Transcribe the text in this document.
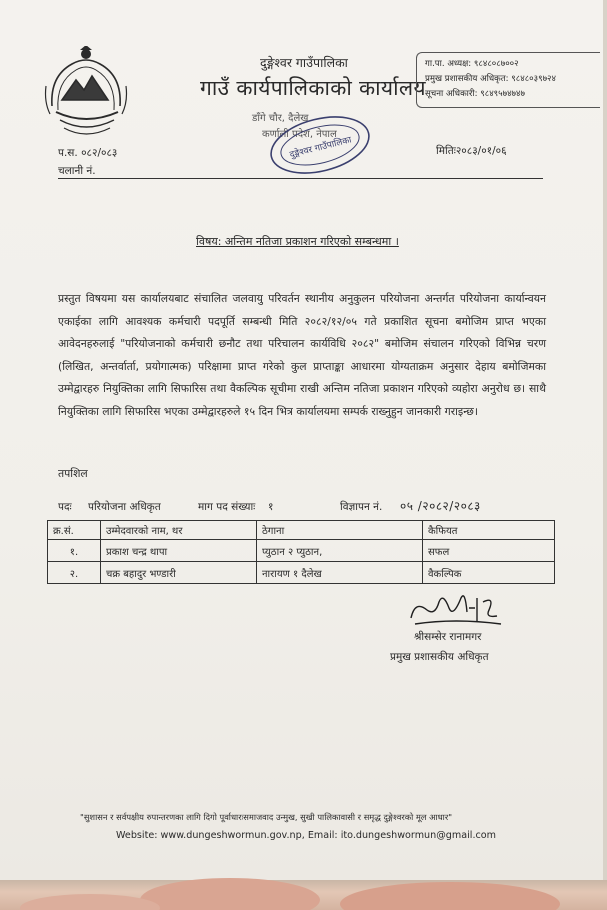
दुङ्गेश्वर गाउँपालिका
गाउँ कार्यपालिकाको कार्यालय
डाँगे चौर, दैलेख
कर्णाली प्रदेश, नेपाल
गा.पा. अध्यक्ष: ९८४८०८७००२
प्रमुख प्रशासकीय अधिकृत: ९८४८०३९७२४
सूचना अधिकारी: ९८४९५७४७४७
दुङ्गेश्वर गाउँपालिका
प.स. ०८२/०८३
चलानी नं.
मितिः२०८३/०१/०६
विषय: अन्तिम नतिजा प्रकाशन गरिएको सम्बन्धमा ।
प्रस्तुत विषयमा यस कार्यालयबाट संचालित जलवायु परिवर्तन स्थानीय अनुकुलन परियोजना अन्तर्गत परियोजना कार्यान्वयन एकाईका लागि आवश्यक कर्मचारी पदपूर्ति सम्बन्धी मिति २०८२/१२/०५ गते प्रकाशित सूचना बमोजिम प्राप्त भएका आवेदनहरुलाई "परियोजनाको कर्मचारी छनौट तथा परिचालन कार्यविधि २०८२" बमोजिम संचालन गरिएको विभिन्न चरण (लिखित, अन्तर्वार्ता, प्रयोगात्मक) परिक्षामा प्राप्त गरेको कुल प्राप्ताङ्का आधारमा योग्यताक्रम अनुसार देहाय बमोजिमका उम्मेद्वारहरु नियुक्तिका लागि सिफारिस तथा वैकल्पिक सूचीमा राखी अन्तिम नतिजा प्रकाशन गरिएको व्यहोरा अनुरोध छ। साथै नियुक्तिका लागि सिफारिस भएका उम्मेद्वारहरुले १५ दिन भित्र कार्यालयमा सम्पर्क राख्नुहुन जानकारी गराइन्छ।
तपशिल
पदः परियोजना अधिकृत	माग पद संख्याः १	विज्ञापन नं. ०५ /२०८२/२०८३
क्र.सं.	उम्मेदवारको नाम, थर	ठेगाना	कैफियत
१.	प्रकाश चन्द्र थापा	प्युठान २ प्युठान,	सफल
२.	चक्र बहादुर भण्डारी	नारायण १ दैलेख	वैकल्पिक
श्रीसम्सेर रानामगर
प्रमुख प्रशासकीय अधिकृत
"सुशासन र सर्वपक्षीय रुपान्तरणका लागि दिगो पूर्वाधारःसमाजवाद उन्मुख, सुखी पालिकावासी र समृद्ध दुङ्गेश्वरको मूल आधार"
Website: www.dungeshwormun.gov.np, Email: ito.dungeshwormun@gmail.com
